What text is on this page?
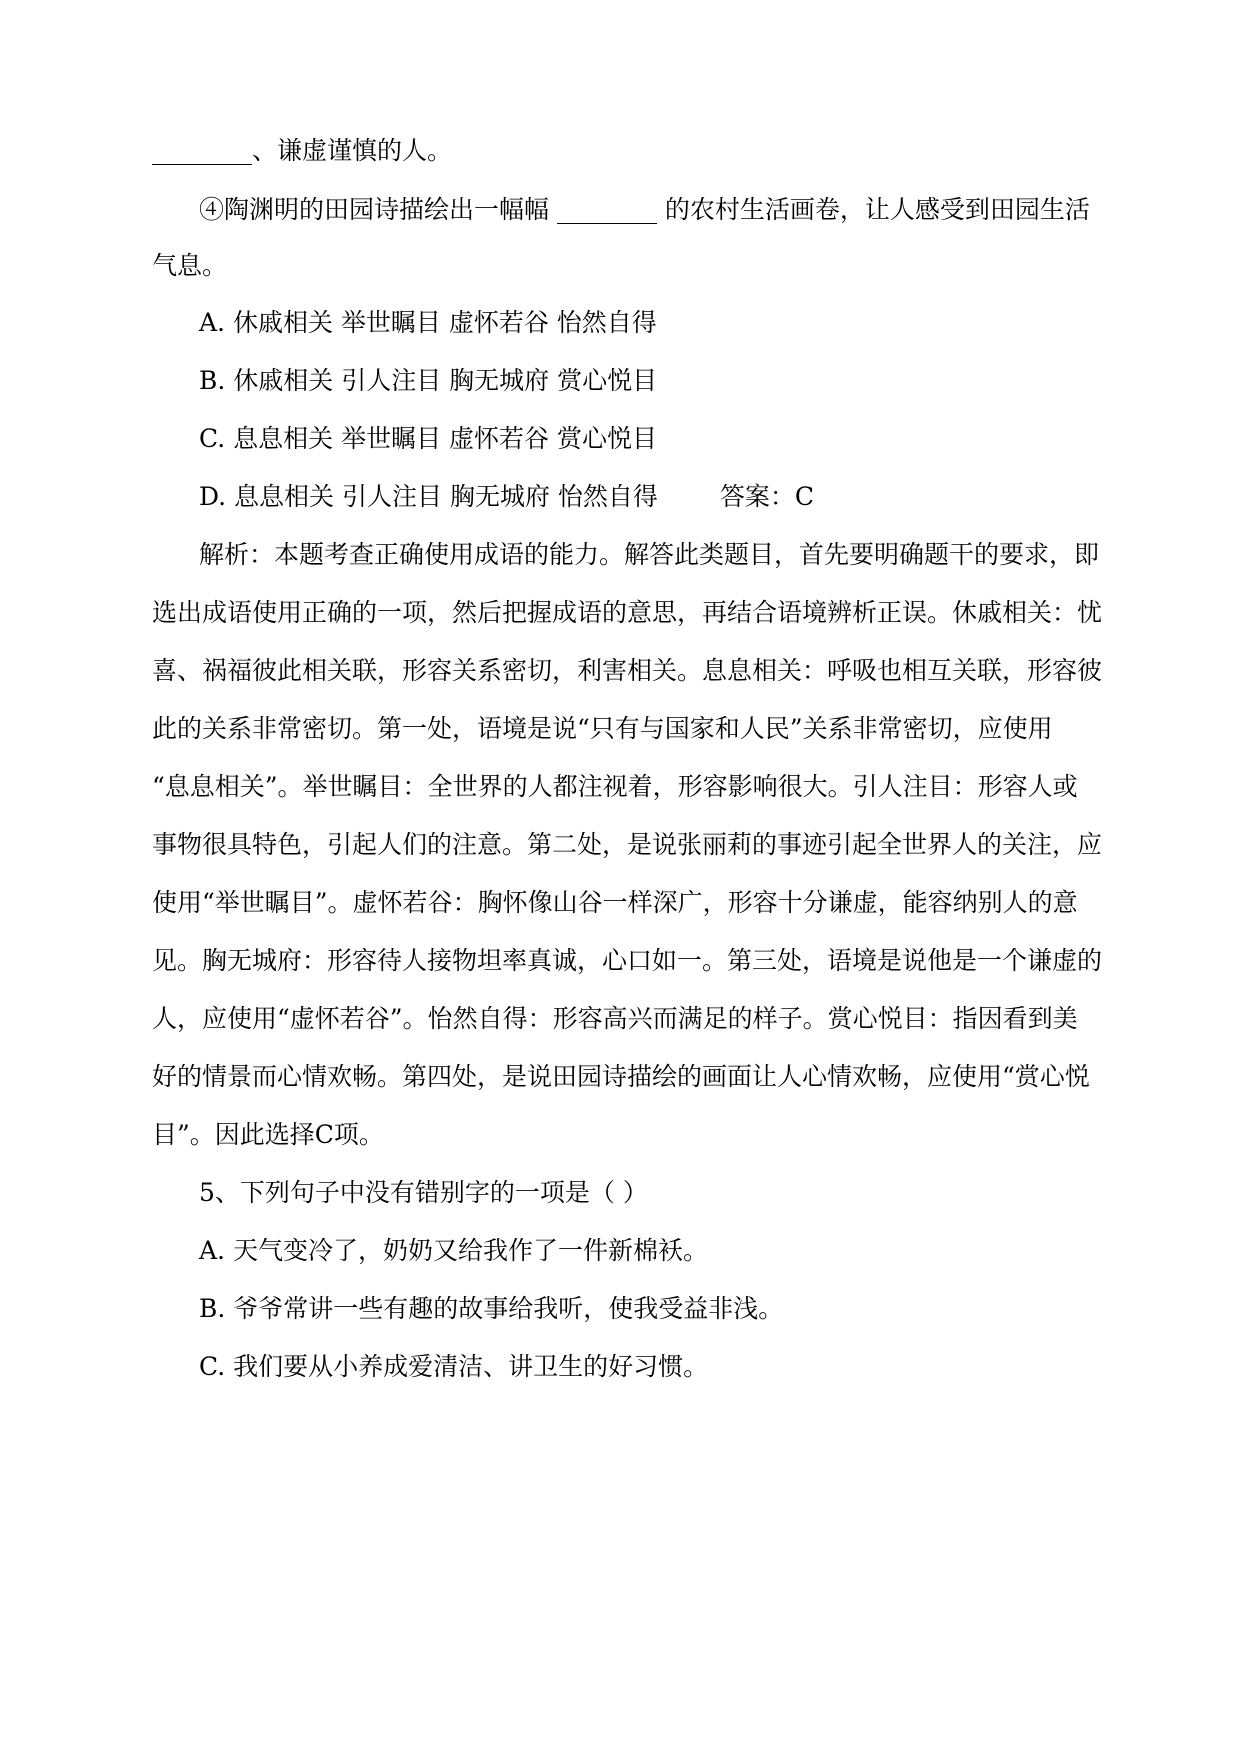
________、谦虚谨慎的人。
④陶渊明的田园诗描绘出一幅幅 ________ 的农村生活画卷，让人感受到田园生活
气息。
A. 休戚相关 举世瞩目 虚怀若谷 怡然自得
B. 休戚相关 引人注目 胸无城府 赏心悦目
C. 息息相关 举世瞩目 虚怀若谷 赏心悦目
D. 息息相关 引人注目 胸无城府 怡然自得 答案：C
解析：本题考查正确使用成语的能力。解答此类题目，首先要明确题干的要求，即
选出成语使用正确的一项，然后把握成语的意思，再结合语境辨析正误。休戚相关：忧
喜、祸福彼此相关联，形容关系密切，利害相关。息息相关：呼吸也相互关联，形容彼
此的关系非常密切。第一处，语境是说“只有与国家和人民”关系非常密切，应使用
“息息相关”。举世瞩目：全世界的人都注视着，形容影响很大。引人注目：形容人或
事物很具特色，引起人们的注意。第二处，是说张丽莉的事迹引起全世界人的关注，应
使用“举世瞩目”。虚怀若谷：胸怀像山谷一样深广，形容十分谦虚，能容纳别人的意
见。胸无城府：形容待人接物坦率真诚，心口如一。第三处，语境是说他是一个谦虚的
人，应使用“虚怀若谷”。怡然自得：形容高兴而满足的样子。赏心悦目：指因看到美
好的情景而心情欢畅。第四处，是说田园诗描绘的画面让人心情欢畅，应使用“赏心悦
目”。因此选择C项。
5、下列句子中没有错别字的一项是（ ）
A. 天气变冷了，奶奶又给我作了一件新棉袄。
B. 爷爷常讲一些有趣的故事给我听，使我受益非浅。
C. 我们要从小养成爱清洁、讲卫生的好习惯。
